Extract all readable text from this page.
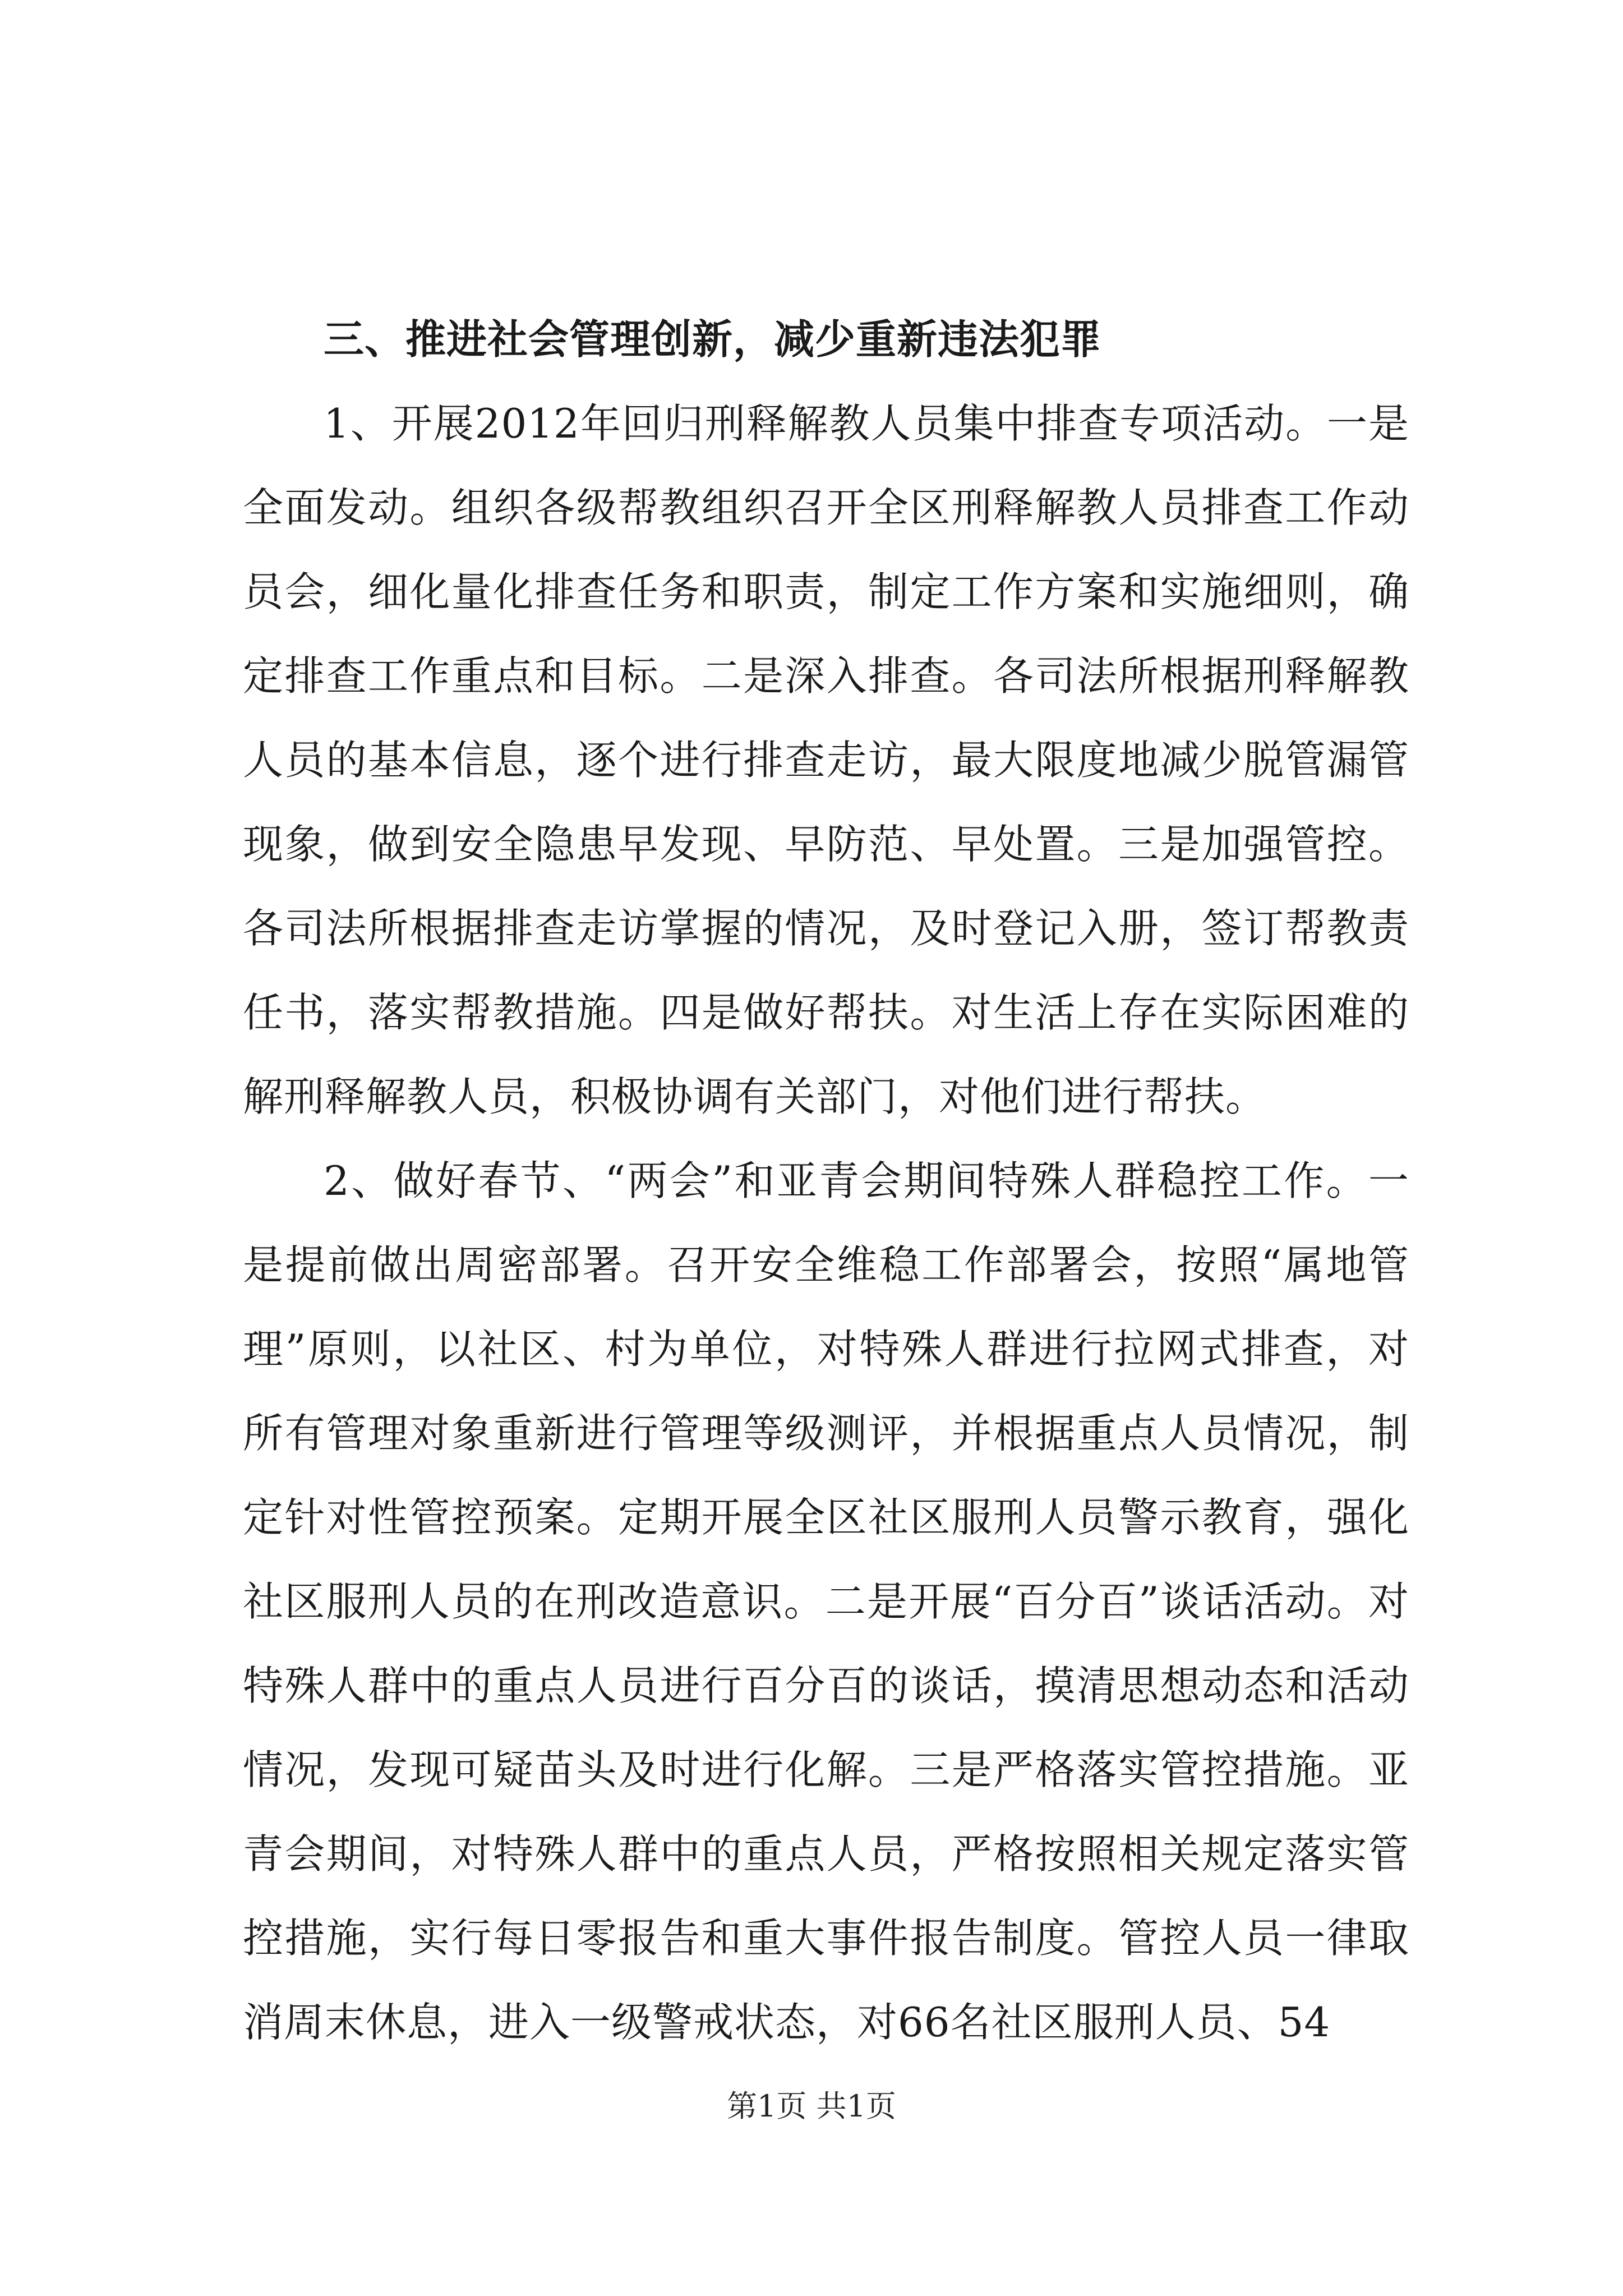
三、推进社会管理创新，减少重新违法犯罪

1、开展2012年回归刑释解教人员集中排查专项活动。一是全面发动。组织各级帮教组织召开全区刑释解教人员排查工作动员会，细化量化排查任务和职责，制定工作方案和实施细则，确定排查工作重点和目标。二是深入排查。各司法所根据刑释解教人员的基本信息，逐个进行排查走访，最大限度地减少脱管漏管现象，做到安全隐患早发现、早防范、早处置。三是加强管控。各司法所根据排查走访掌握的情况，及时登记入册，签订帮教责任书，落实帮教措施。四是做好帮扶。对生活上存在实际困难的解刑释解教人员，积极协调有关部门，对他们进行帮扶。

2、做好春节、“两会”和亚青会期间特殊人群稳控工作。一是提前做出周密部署。召开安全维稳工作部署会，按照“属地管理”原则，以社区、村为单位，对特殊人群进行拉网式排查，对所有管理对象重新进行管理等级测评，并根据重点人员情况，制定针对性管控预案。定期开展全区社区服刑人员警示教育，强化社区服刑人员的在刑改造意识。二是开展“百分百”谈话活动。对特殊人群中的重点人员进行百分百的谈话，摸清思想动态和活动情况，发现可疑苗头及时进行化解。三是严格落实管控措施。亚青会期间，对特殊人群中的重点人员，严格按照相关规定落实管控措施，实行每日零报告和重大事件报告制度。管控人员一律取消周末休息，进入一级警戒状态，对66名社区服刑人员、54

第1页 共1页
